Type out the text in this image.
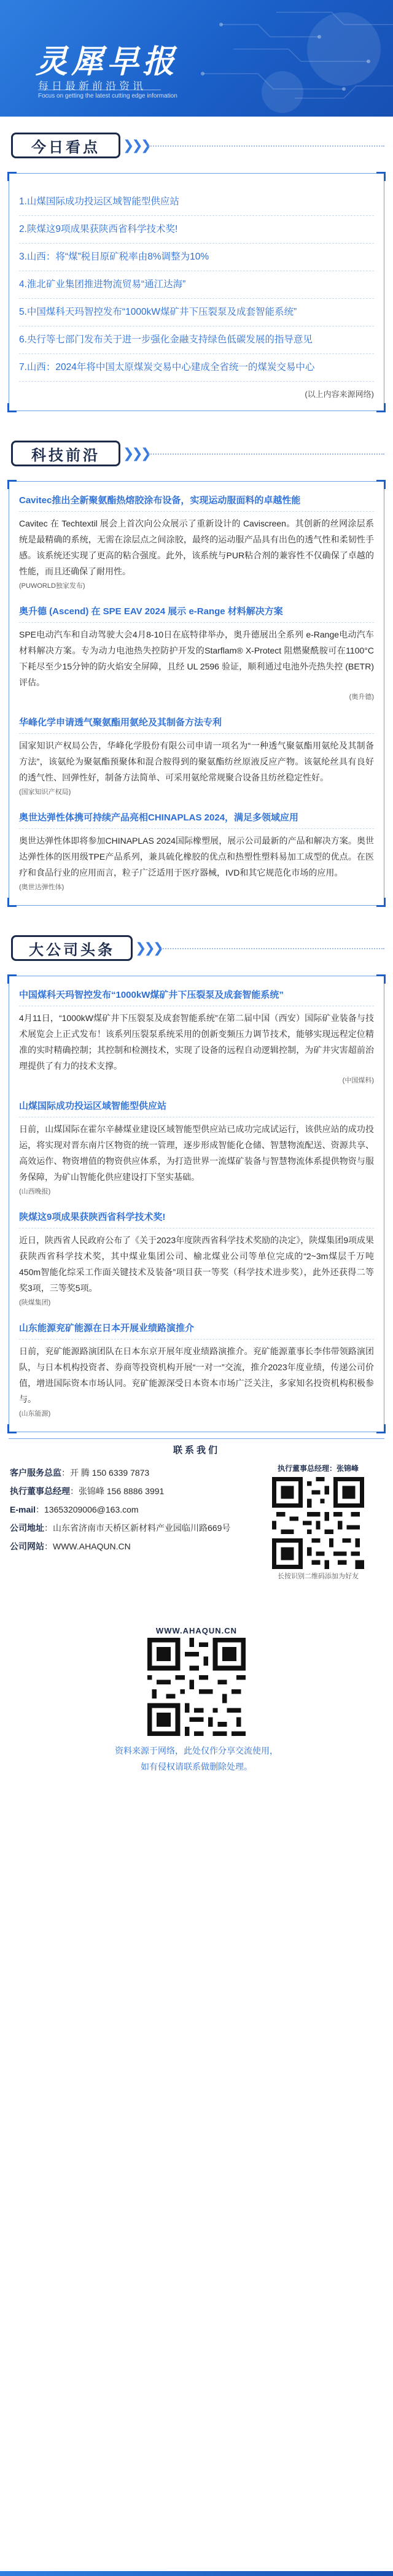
灵犀早报
每日最新前沿资讯
Focus on getting the latest cutting edge information
今日看点 ❯❯❯
1.山煤国际成功投运区域智能型供应站
2.陕煤这9项成果获陕西省科学技术奖!
3.山西：将“煤”税目原矿税率由8%调整为10%
4.淮北矿业集团推进物流贸易“通江达海”
5.中国煤科天玛智控发布“1000kW煤矿井下压裂泵及成套智能系统”
6.央行等七部门发布关于进一步强化金融支持绿色低碳发展的指导意见
7.山西：2024年将中国太原煤炭交易中心建成全省统一的煤炭交易中心
(以上内容来源网络)
科技前沿 ❯❯❯
Cavitec推出全新聚氨酯热熔胶涂布设备，实现运动服面料的卓越性能
Cavitec 在 Techtextil 展会上首次向公众展示了重新设计的 Caviscreen。其创新的丝网涂层系统是最精确的系统，无需在涂层点之间涂胶，最终的运动服产品具有出色的透气性和柔韧性手感。该系统还实现了更高的粘合强度。此外，该系统与PUR粘合剂的兼容性不仅确保了卓越的性能，而且还确保了耐用性。
(PUWORLD独家发布)
奥升德 (Ascend) 在 SPE EAV 2024 展示 e-Range 材料解决方案
SPE电动汽车和自动驾驶大会4月8-10日在底特律举办，奥升德展出全系列 e-Range电动汽车材料解决方案。专为动力电池热失控防护开发的Starflam® X-Protect 阻燃聚酰胺可在1100°C下耗尽至少15分钟的防火焰安全屏障，且经 UL 2596 验证，顺利通过电池外壳热失控 (BETR) 评估。
(奥升德)
华峰化学申请透气聚氨酯用氨纶及其制备方法专利
国家知识产权局公告，华峰化学股份有限公司申请一项名为“一种透气聚氨酯用氨纶及其制备方法”，该氨纶为聚氨酯预聚体和混合胺得到的聚氨酯纺丝原液反应产物。该氨纶丝具有良好的透气性、回弹性好，制备方法简单、可采用氨纶常规聚合设备且纺丝稳定性好。
(国家知识产权局)
奥世达弹性体携可持续产品亮相CHINAPLAS 2024，满足多领域应用
奥世达弹性体即将参加CHINAPLAS 2024国际橡塑展，展示公司最新的产品和解决方案。奥世达弹性体的医用级TPE产品系列，兼具硫化橡胶的优点和热塑性塑料易加工成型的优点。在医疗和食品行业的应用而言，粒子广泛适用于医疗器械，IVD和其它规范化市场的应用。
(奥世达弹性体)
大公司头条 ❯❯❯
中国煤科天玛智控发布“1000kW煤矿井下压裂泵及成套智能系统”
4月11日，“1000kW煤矿井下压裂泵及成套智能系统”在第二届中国（西安）国际矿业装备与技术展览会上正式发布！该系列压裂泵系统采用的创新变频压力调节技术，能够实现远程定位精准的实时精确控制；其控制和检测技术，实现了设备的远程自动逻辑控制，为矿井灾害超前治理提供了有力的技术支撑。
(中国煤科)
山煤国际成功投运区域智能型供应站
日前，山煤国际在霍尔辛赫煤业建设区域智能型供应站已成功完成试运行，该供应站的成功投运，将实现对晋东南片区物资的统一管理，逐步形成智能化仓储、智慧物流配送、资源共享、高效运作、物资增值的物资供应体系，为打造世界一流煤矿装备与智慧物流体系提供物资与服务保障，为矿山智能化供应建设打下坚实基础。
(山西晚报)
陕煤这9项成果获陕西省科学技术奖!
近日，陕西省人民政府公布了《关于2023年度陕西省科学技术奖励的决定》，陕煤集团9项成果获陕西省科学技术奖，其中煤业集团公司、榆北煤业公司等单位完成的“2~3m煤层千万吨450m智能化综采工作面关键技术及装备”项目获一等奖（科学技术进步奖），此外还获得二等奖3项，三等奖5项。
(陕煤集团)
山东能源兖矿能源在日本开展业绩路演推介
日前，兖矿能源路演团队在日本东京开展年度业绩路演推介。兖矿能源董事长李伟带领路演团队，与日本机构投资者、券商等投资机构开展“一对一”交流，推介2023年度业绩，传递公司价值，增进国际资本市场认同。兖矿能源深受日本资本市场广泛关注，多家知名投资机构积极参与。
(山东能源)
联系我们
客户服务总监：开 腾 150 6339 7873
执行董事总经理：张锦峰 156 8886 3991
E-mail：13653209006@163.com
公司地址：山东省济南市天桥区新材料产业园临川路669号
公司网站：WWW.AHAQUN.CN
执行董事总经理：张锦峰
长按识别二维码添加为好友
WWW.AHAQUN.CN
资料来源于网络，此处仅作分享交流使用，
如有侵权请联系做删除处理。
